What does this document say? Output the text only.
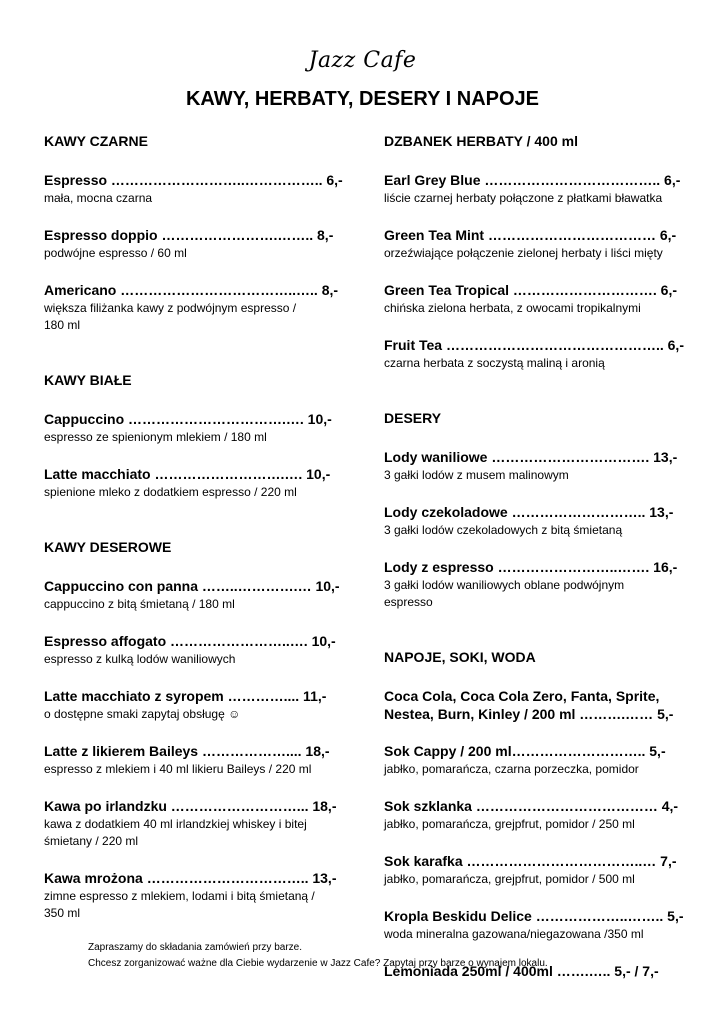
Jazz Cafe
KAWY, HERBATY, DESERY I NAPOJE
KAWY CZARNE
Espresso ………………………..…………….. 6,-
mała, mocna czarna
Espresso doppio …………………….…….. 8,-
podwójne espresso / 60 ml
Americano ………………………………..….. 8,-
większa filiżanka kawy z podwójnym espresso / 180 ml
KAWY BIAŁE
Cappuccino …………………………….…. 10,-
espresso ze spienionym mlekiem / 180 ml
Latte macchiato ……………………….…. 10,-
spienione mleko z dodatkiem espresso / 220 ml
KAWY DESEROWE
Cappuccino con panna ……..………….… 10,-
cappuccino z bitą śmietaną / 180 ml
Espresso affogato ……………………..…. 10,-
espresso z kulką lodów waniliowych
Latte macchiato z syropem ………….... 11,-
o dostępne smaki zapytaj obsługę ☺
Latte z likierem Baileys ……………….... 18,-
espresso z mlekiem i 40 ml likieru Baileys / 220 ml
Kawa po irlandzku ………………………... 18,-
kawa z dodatkiem 40 ml irlandzkiej whiskey i bitej śmietany / 220 ml
Kawa mrożona …………………………….. 13,-
zimne espresso z mlekiem, lodami i bitą śmietaną / 350 ml
DZBANEK HERBATY / 400 ml
Earl Grey Blue ……………………………….. 6,-
liście czarnej herbaty połączone z płatkami bławatka
Green Tea Mint ……………………………… 6,-
orzeźwiające połączenie zielonej herbaty i liści mięty
Green Tea Tropical …………………………. 6,-
chińska zielona herbata, z owocami tropikalnymi
Fruit Tea ……………………………………….. 6,-
czarna herbata z soczystą maliną i aronią
DESERY
Lody waniliowe ……………………………. 13,-
3 gałki lodów z musem malinowym
Lody czekoladowe ……………………….. 13,-
3 gałki lodów czekoladowych z bitą śmietaną
Lody z espresso ……………………..……. 16,-
3 gałki lodów waniliowych oblane podwójnym espresso
NAPOJE, SOKI, WODA
Coca Cola, Coca Cola Zero, Fanta, Sprite, Nestea, Burn, Kinley / 200 ml ……….…… 5,-
Sok Cappy / 200 ml……………………….. 5,-
jabłko, pomarańcza, czarna porzeczka, pomidor
Sok szklanka ………………………………… 4,-
jabłko, pomarańcza, grejpfrut, pomidor / 250 ml
Sok karafka ………………………………..… 7,-
jabłko, pomarańcza, grejpfrut, pomidor / 500 ml
Kropla Beskidu Delice ………………..…….. 5,-
woda mineralna gazowana/niegazowana /350 ml
Lemoniada 250ml / 400ml …….….. 5,- / 7,-
Zapraszamy do składania zamówień przy barze.
Chcesz zorganizować ważne dla Ciebie wydarzenie w Jazz Cafe? Zapytaj przy barze o wynajem lokalu.
